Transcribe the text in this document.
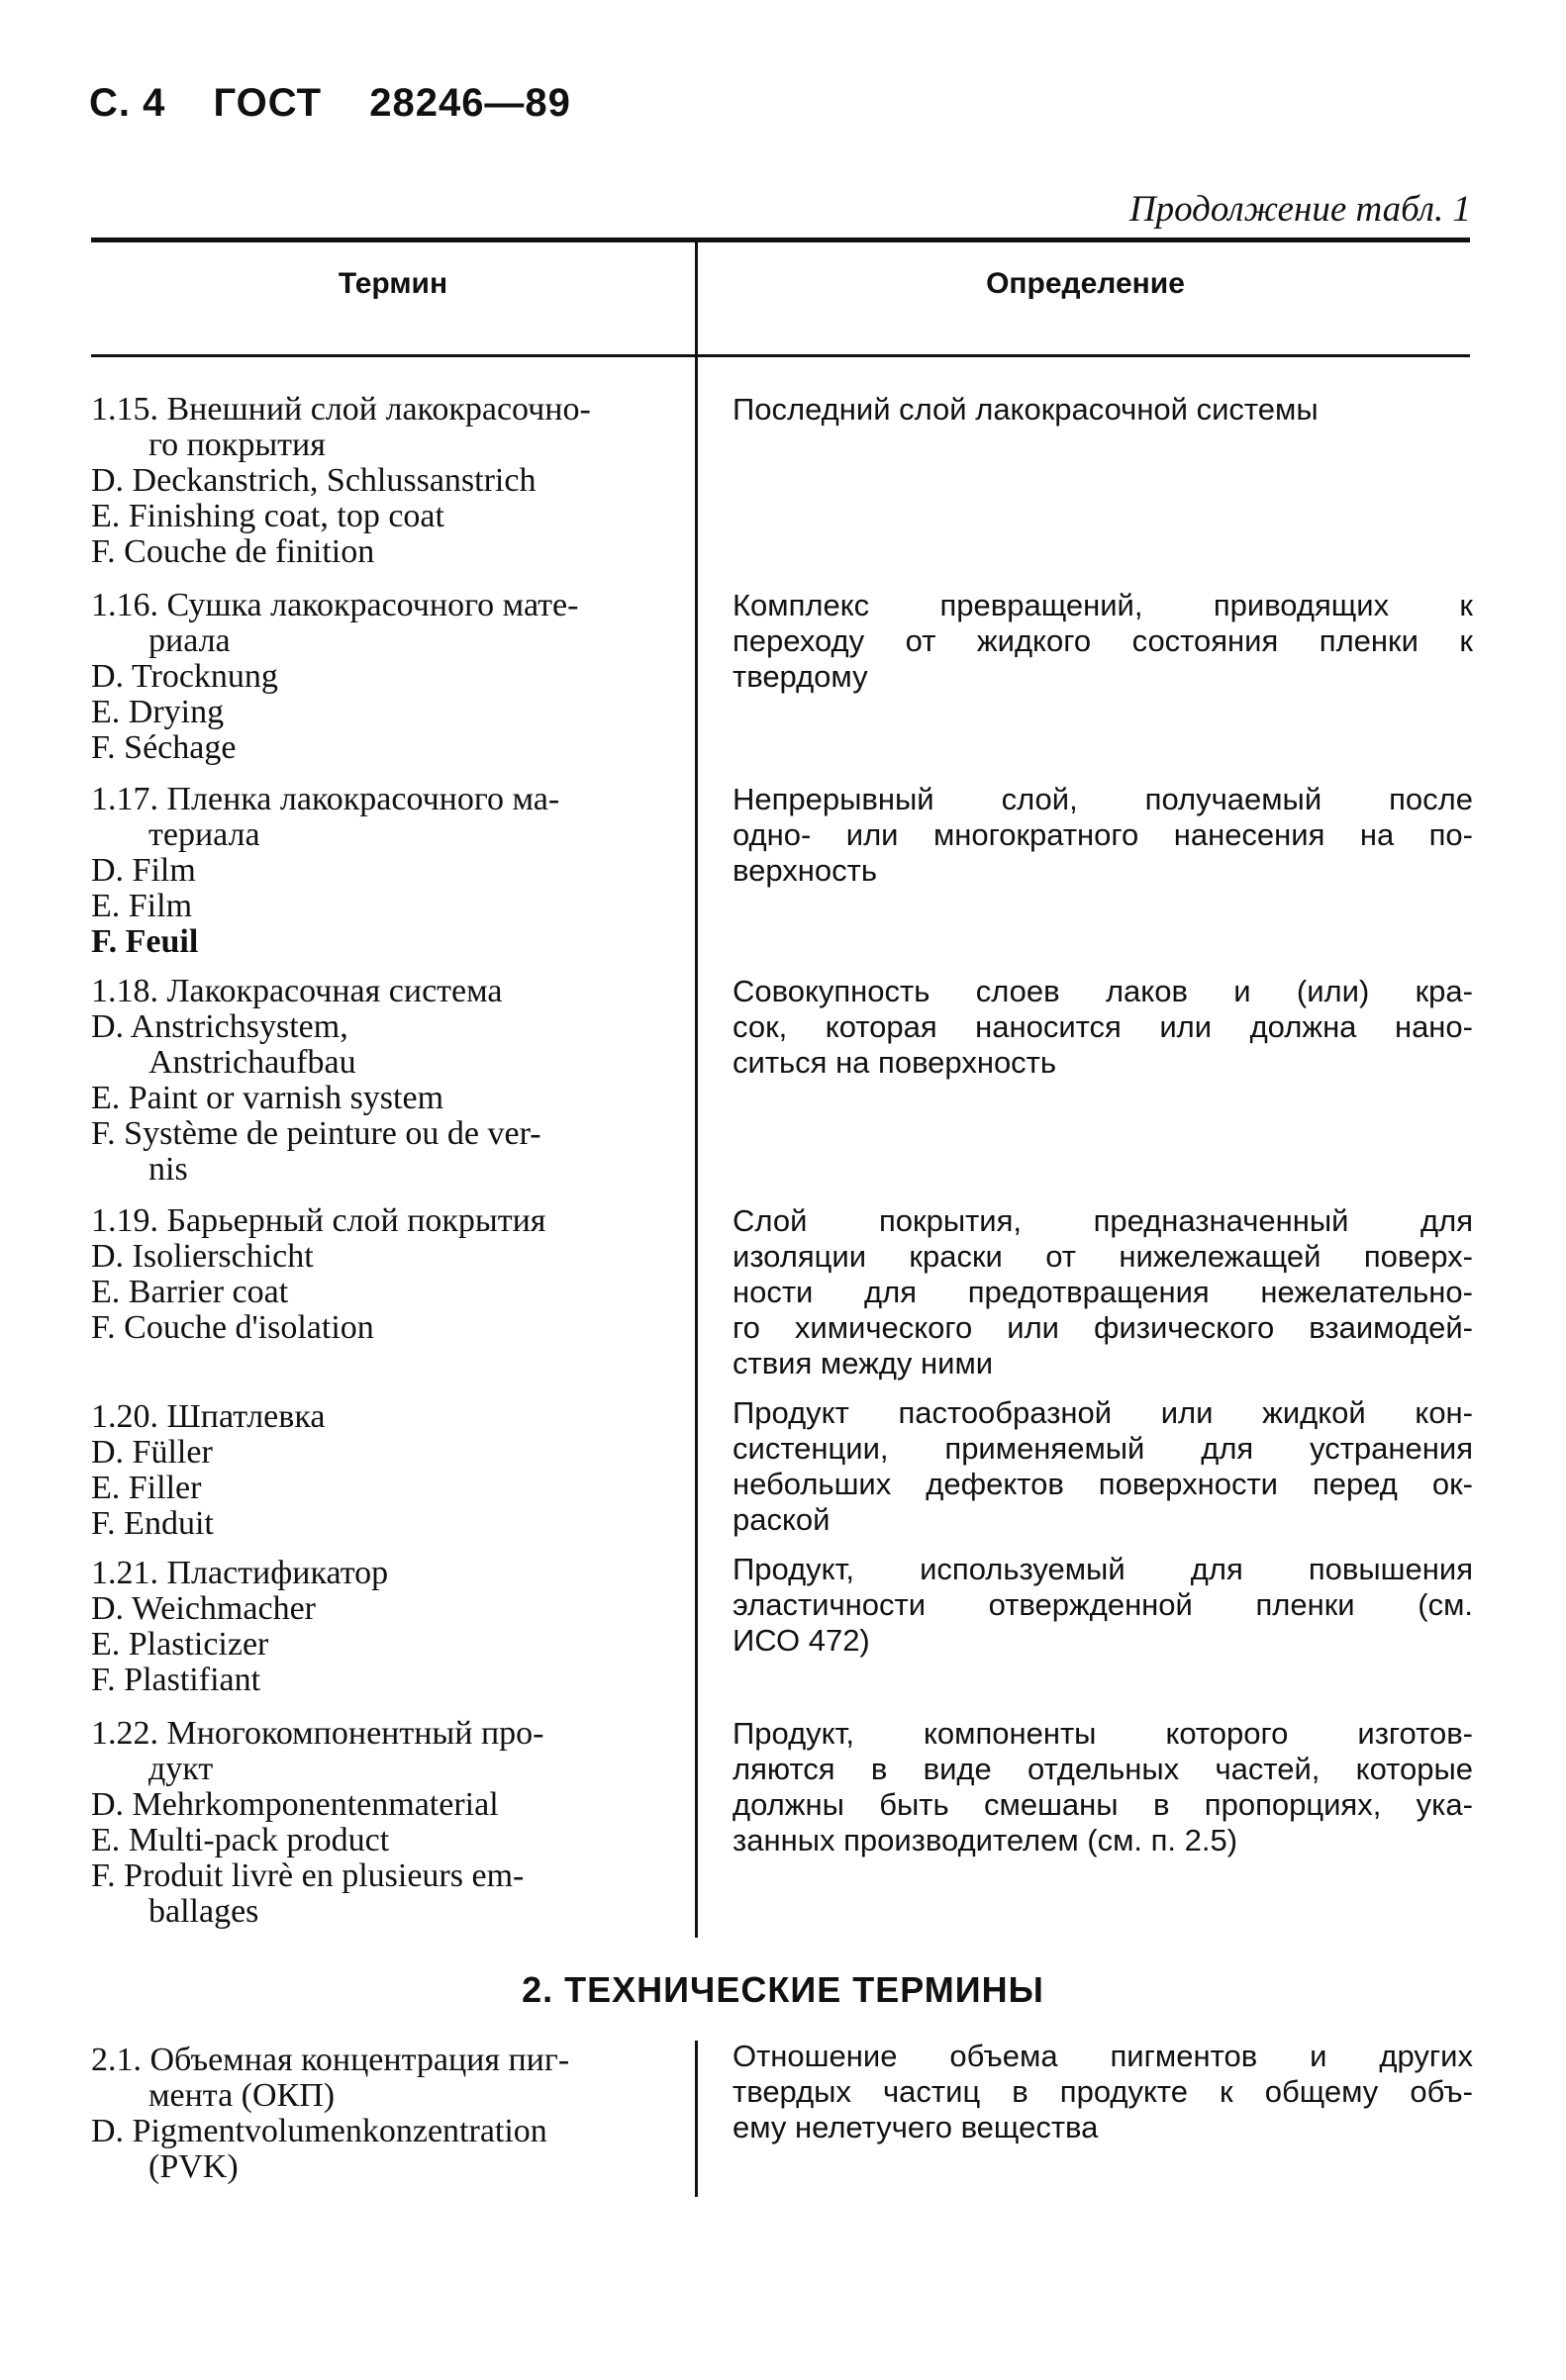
С. 4 ГОСТ 28246—89
Продолжение табл. 1
Термин	Определение
1.15. Внешний слой лакокрасочно-
го покрытия
D. Deckanstrich, Schlussanstrich
E. Finishing coat, top coat
F. Couche de finition
Последний слой лакокрасочной системы
1.16. Сушка лакокрасочного мате-
риала
D. Trocknung
E. Drying
F. Séchage
Комплекс превращений, приводящих к
переходу от жидкого состояния пленки к
твердому
1.17. Пленка лакокрасочного ма-
териала
D. Film
E. Film
F. Feuil
Непрерывный слой, получаемый после
одно- или многократного нанесения на по-
верхность
1.18. Лакокрасочная система
D. Anstrichsystem,
Anstrichaufbau
E. Paint or varnish system
F. Système de peinture ou de ver-
nis
Совокупность слоев лаков и (или) кра-
сок, которая наносится или должна нано-
ситься на поверхность
1.19. Барьерный слой покрытия
D. Isolierschicht
E. Barrier coat
F. Couche d'isolation
Слой покрытия, предназначенный для
изоляции краски от нижележащей поверх-
ности для предотвращения нежелательно-
го химического или физического взаимодей-
ствия между ними
1.20. Шпатлевка
D. Füller
E. Filler
F. Enduit
Продукт пастообразной или жидкой кон-
систенции, применяемый для устранения
небольших дефектов поверхности перед ок-
раской
1.21. Пластификатор
D. Weichmacher
E. Plasticizer
F. Plastifiant
Продукт, используемый для повышения
эластичности отвержденной пленки (см.
ИСО 472)
1.22. Многокомпонентный про-
дукт
D. Mehrkomponentenmaterial
E. Multi-pack product
F. Produit livrè en plusieurs em-
ballages
Продукт, компоненты которого изготов-
ляются в виде отдельных частей, которые
должны быть смешаны в пропорциях, ука-
занных производителем (см. п. 2.5)
2. ТЕХНИЧЕСКИЕ ТЕРМИНЫ
2.1. Объемная концентрация пиг-
мента (ОКП)
D. Pigmentvolumenkonzentration
(PVK)
Отношение объема пигментов и других
твердых частиц в продукте к общему объ-
ему нелетучего вещества
